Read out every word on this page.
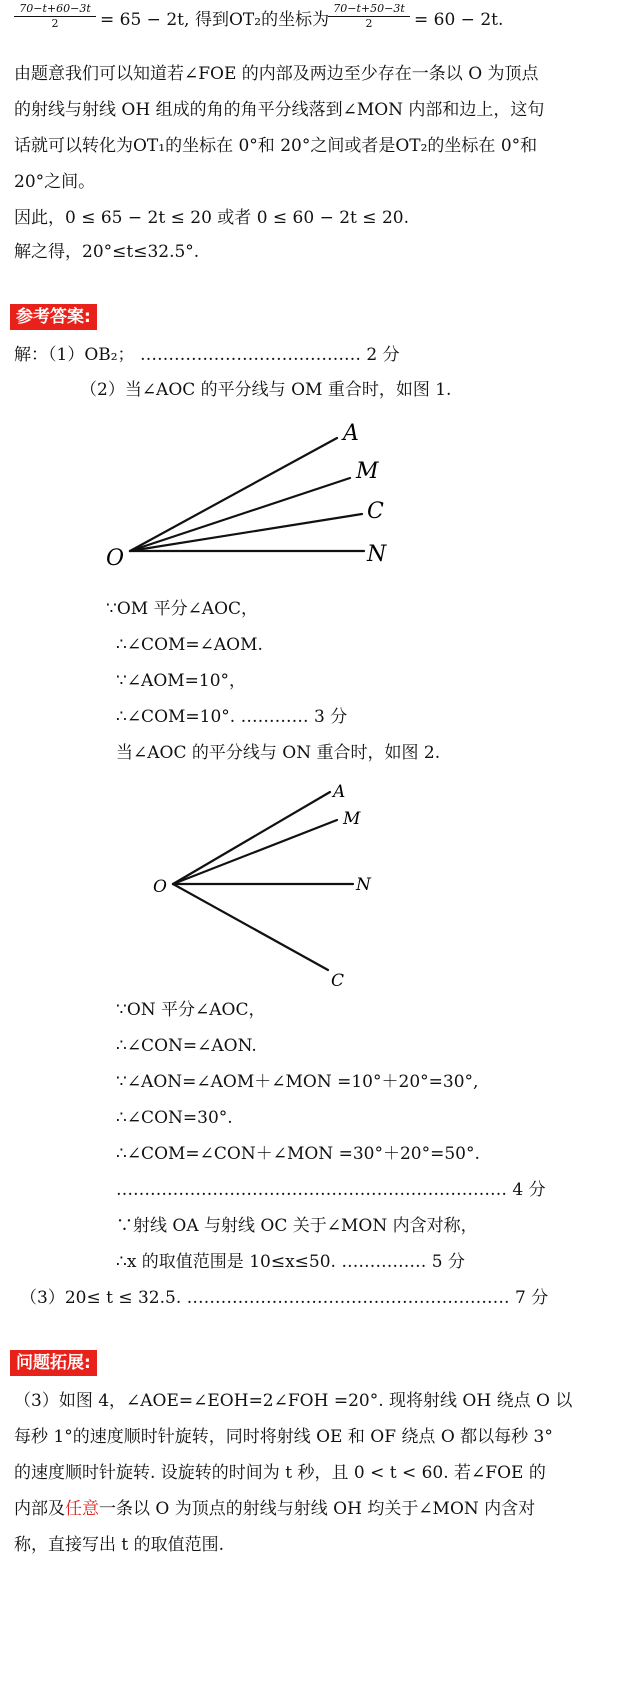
$\frac{70-t+60-3t}{2} = 65 - 2t$, 得到OT₂的坐标为
$\frac{70-t+50-3t}{2} = 60 - 2t$.
由题意我们可以知道若∠FOE 的内部及两边至少存在一条以 O 为顶点
的射线与射线 OH 组成的角的角平分线落到∠MON 内部和边上，这句
话就可以转化为OT₁的坐标在 0°和 20°之间或者是OT₂的坐标在 0°和
20°之间。
因此，0 ≤ 65 − 2t ≤ 20 或者 0 ≤ 60 − 2t ≤ 20.
解之得，20°≤t≤32.5°.
参考答案:
解：（1）OB₂； ………………………………… 2 分
（2）当∠AOC 的平分线与 OM 重合时，如图 1.
A
M
C
N
O
∵OM 平分∠AOC，
∴∠COM=∠AOM.
∵∠AOM=10°，
∴∠COM=10°. ………… 3 分
当∠AOC 的平分线与 ON 重合时，如图 2.
A
M
N
C
O
∵ON 平分∠AOC，
∴∠CON=∠AON.
∵∠AON=∠AOM＋∠MON =10°＋20°=30°,
∴∠CON=30°.
∴∠COM=∠CON＋∠MON =30°＋20°=50°.
…………………………………………………………… 4 分
∵射线 OA 与射线 OC 关于∠MON 内含对称，
∴x 的取值范围是 10≤x≤50. …………… 5 分
（3）20≤ t ≤ 32.5. ………………………………………………… 7 分
问题拓展:
（3）如图 4，∠AOE=∠EOH=2∠FOH =20°. 现将射线 OH 绕点 O 以
每秒 1°的速度顺时针旋转，同时将射线 OE 和 OF 绕点 O 都以每秒 3°
的速度顺时针旋转. 设旋转的时间为 t 秒，且 0 < t < 60. 若∠FOE 的
内部及任意一条以 O 为顶点的射线与射线 OH 均关于∠MON 内含对
称，直接写出 t 的取值范围.
